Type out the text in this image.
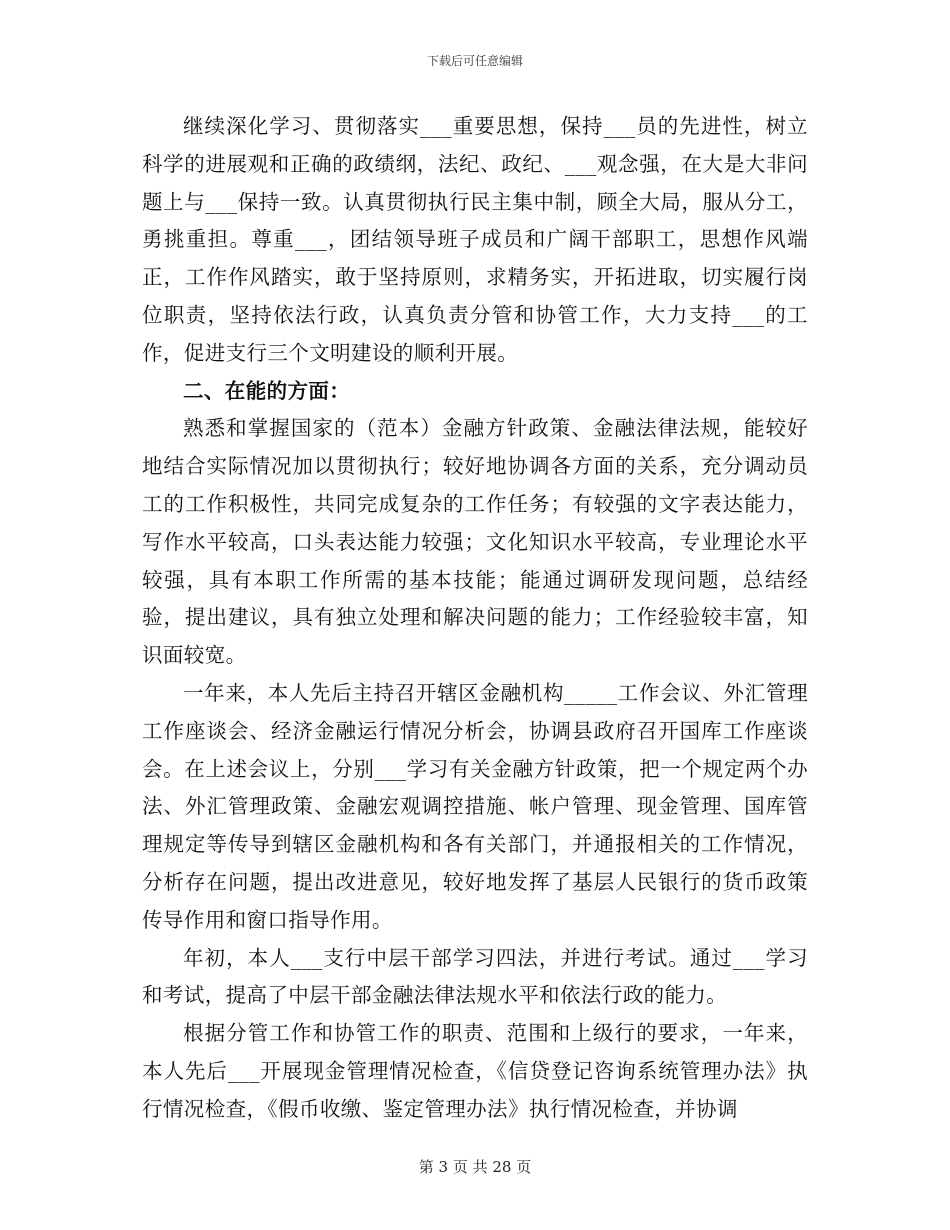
下载后可任意编辑

继续深化学习、贯彻落实___重要思想，保持___员的先进性，树立科学的进展观和正确的政绩纲，法纪、政纪、___观念强，在大是大非问题上与___保持一致。认真贯彻执行民主集中制，顾全大局，服从分工，勇挑重担。尊重___，团结领导班子成员和广阔干部职工，思想作风端正，工作作风踏实，敢于坚持原则，求精务实，开拓进取，切实履行岗位职责，坚持依法行政，认真负责分管和协管工作，大力支持___的工作，促进支行三个文明建设的顺利开展。

二、在能的方面：

熟悉和掌握国家的（范本）金融方针政策、金融法律法规，能较好地结合实际情况加以贯彻执行；较好地协调各方面的关系，充分调动员工的工作积极性，共同完成复杂的工作任务；有较强的文字表达能力，写作水平较高，口头表达能力较强；文化知识水平较高，专业理论水平较强，具有本职工作所需的基本技能；能通过调研发现问题，总结经验，提出建议，具有独立处理和解决问题的能力；工作经验较丰富，知识面较宽。

一年来，本人先后主持召开辖区金融机构_____工作会议、外汇管理工作座谈会、经济金融运行情况分析会，协调县政府召开国库工作座谈会。在上述会议上，分别___学习有关金融方针政策，把一个规定两个办法、外汇管理政策、金融宏观调控措施、帐户管理、现金管理、国库管理规定等传导到辖区金融机构和各有关部门，并通报相关的工作情况，分析存在问题，提出改进意见，较好地发挥了基层人民银行的货币政策传导作用和窗口指导作用。

年初，本人___支行中层干部学习四法，并进行考试。通过___学习和考试，提高了中层干部金融法律法规水平和依法行政的能力。

根据分管工作和协管工作的职责、范围和上级行的要求，一年来，本人先后___开展现金管理情况检查，《信贷登记咨询系统管理办法》执行情况检查，《假币收缴、鉴定管理办法》执行情况检查，并协调

第 3 页 共 28 页
